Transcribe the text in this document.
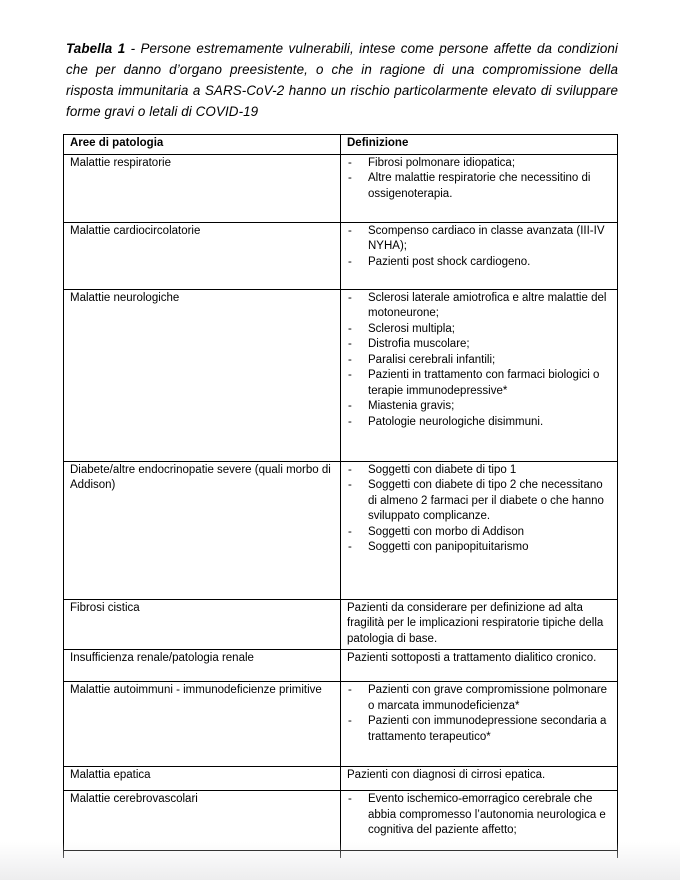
Tabella 1 - Persone estremamente vulnerabili, intese come persone affette da condizioni che per danno d’organo preesistente, o che in ragione di una compromissione della risposta immunitaria a SARS-CoV-2 hanno un rischio particolarmente elevato di sviluppare forme gravi o letali di COVID-19

Aree di patologia	Definizione
Malattie respiratorie	-	Fibrosi polmonare idiopatica;
-	Altre malattie respiratorie che necessitino di ossigenoterapia.
Malattie cardiocircolatorie	-	Scompenso cardiaco in classe avanzata (III-IV NYHA);
-	Pazienti post shock cardiogeno.
Malattie neurologiche	-	Sclerosi laterale amiotrofica e altre malattie del motoneurone;
-	Sclerosi multipla;
-	Distrofia muscolare;
-	Paralisi cerebrali infantili;
-	Pazienti in trattamento con farmaci biologici o terapie immunodepressive*
-	Miastenia gravis;
-	Patologie neurologiche disimmuni.
Diabete/altre endocrinopatie severe (quali morbo di Addison)
-	Soggetti con diabete di tipo 1
-	Soggetti con diabete di tipo 2 che necessitano di almeno 2 farmaci per il diabete o che hanno sviluppato complicanze.
-	Soggetti con morbo di Addison
-	Soggetti con panipopituitarismo
Fibrosi cistica	Pazienti da considerare per definizione ad alta fragilità per le implicazioni respiratorie tipiche della patologia di base.
Insufficienza renale/patologia renale	Pazienti sottoposti a trattamento dialitico cronico.
Malattie autoimmuni - immunodeficienze primitive	-	Pazienti con grave compromissione polmonare o marcata immunodeficienza*
-	Pazienti con immunodepressione secondaria a trattamento terapeutico*
Malattia epatica	Pazienti con diagnosi di cirrosi epatica.
Malattie cerebrovascolari	-	Evento ischemico-emorragico cerebrale che abbia compromesso l’autonomia neurologica e cognitiva del paziente affetto;
